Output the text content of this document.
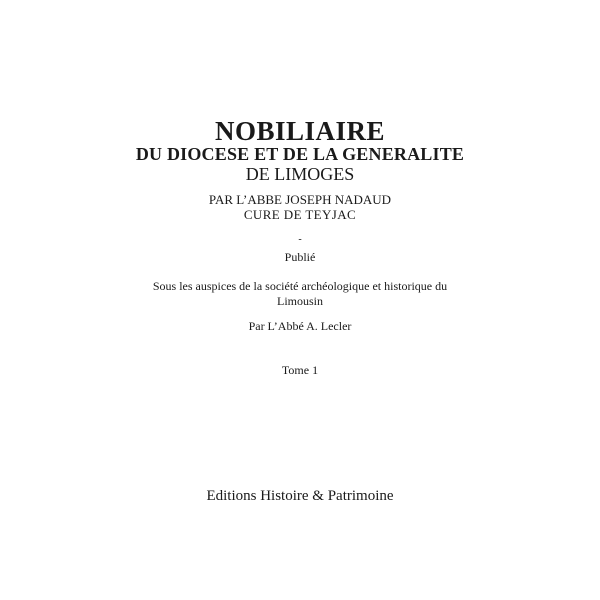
NOBILIAIRE
DU DIOCESE ET DE LA GENERALITE
DE LIMOGES
PAR L’ABBE JOSEPH NADAUD
CURE DE TEYJAC
-
Publié
Sous les auspices de la société archéologique et historique du
Limousin
Par L’Abbé A. Lecler
Tome 1
Editions Histoire & Patrimoine
